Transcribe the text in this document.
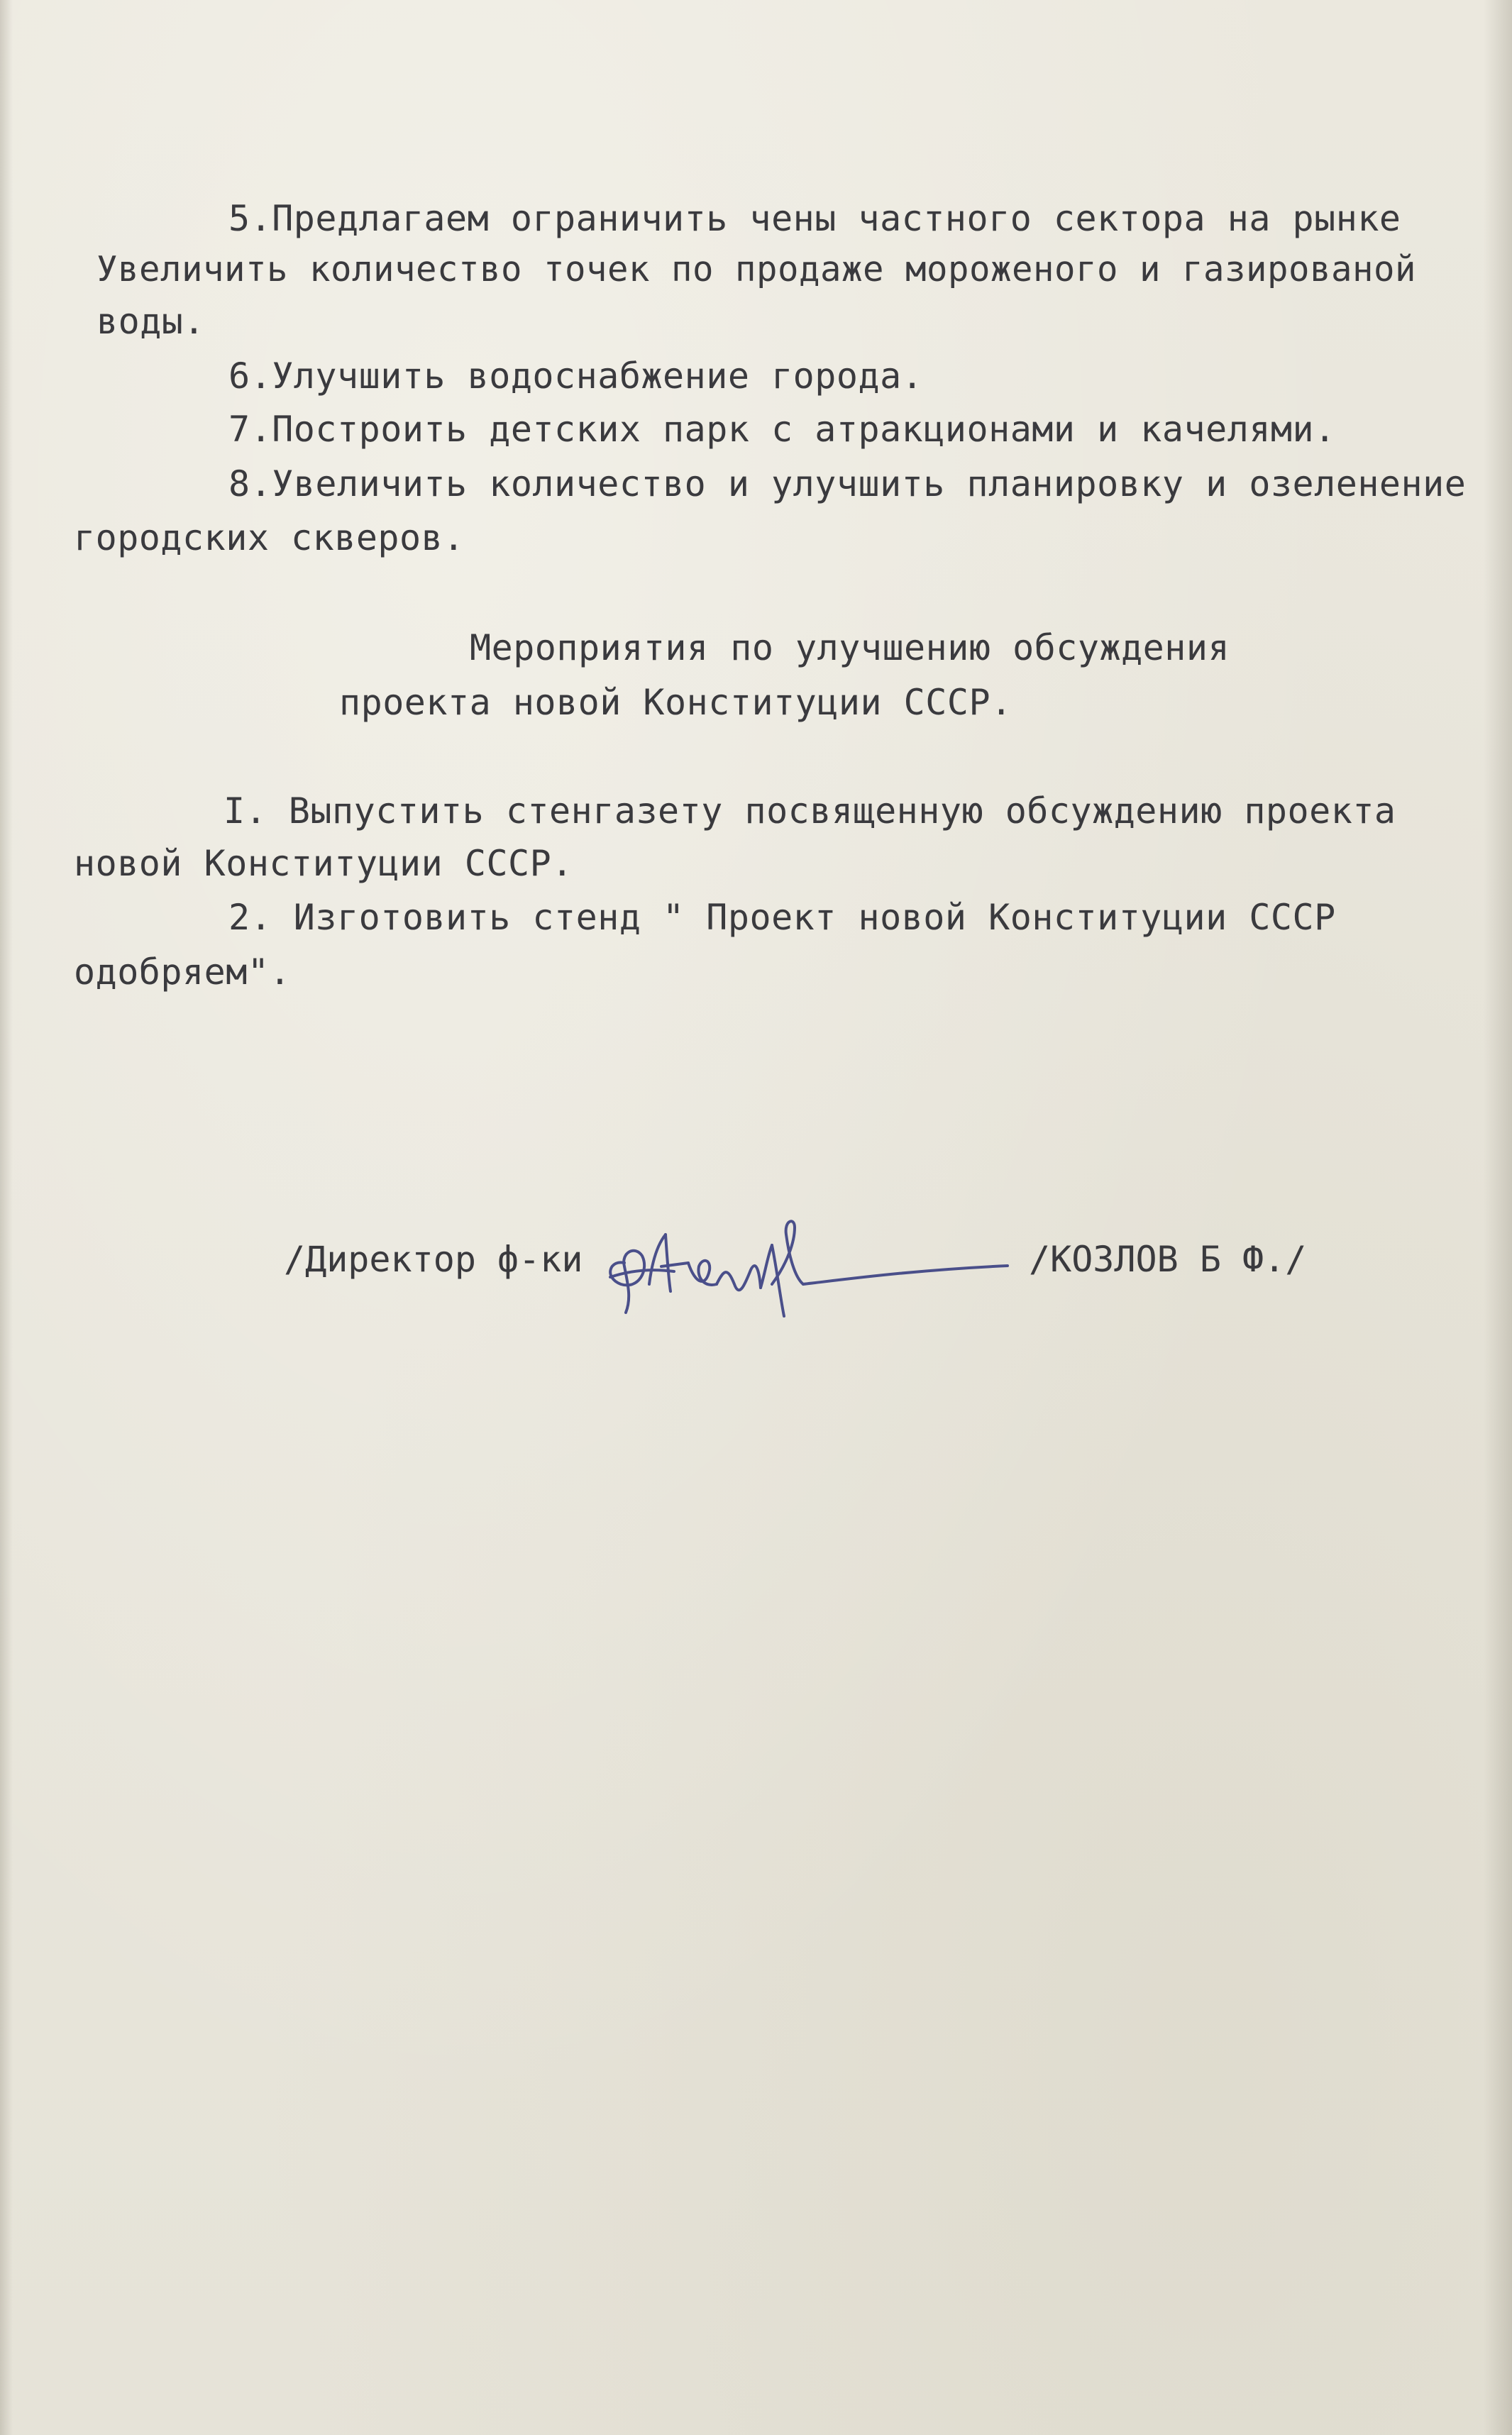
5.Предлагаем ограничить чены частного сектора на рынке
Увеличить количество точек по продаже мороженого и газированой
воды.
6.Улучшить водоснабжение города.
7.Построить детских парк с атракционами и качелями.
8.Увеличить количество и улучшить планировку и озеленение
городских скверов.
Мероприятия по улучшению обсуждения
проекта новой Конституции СССР.
I. Выпустить стенгазету посвященную обсуждению проекта
новой Конституции СССР.
2. Изготовить стенд " Проект новой Конституции СССР
одобряем".
/Директор ф-ки	/КОЗЛОВ Б Ф./
